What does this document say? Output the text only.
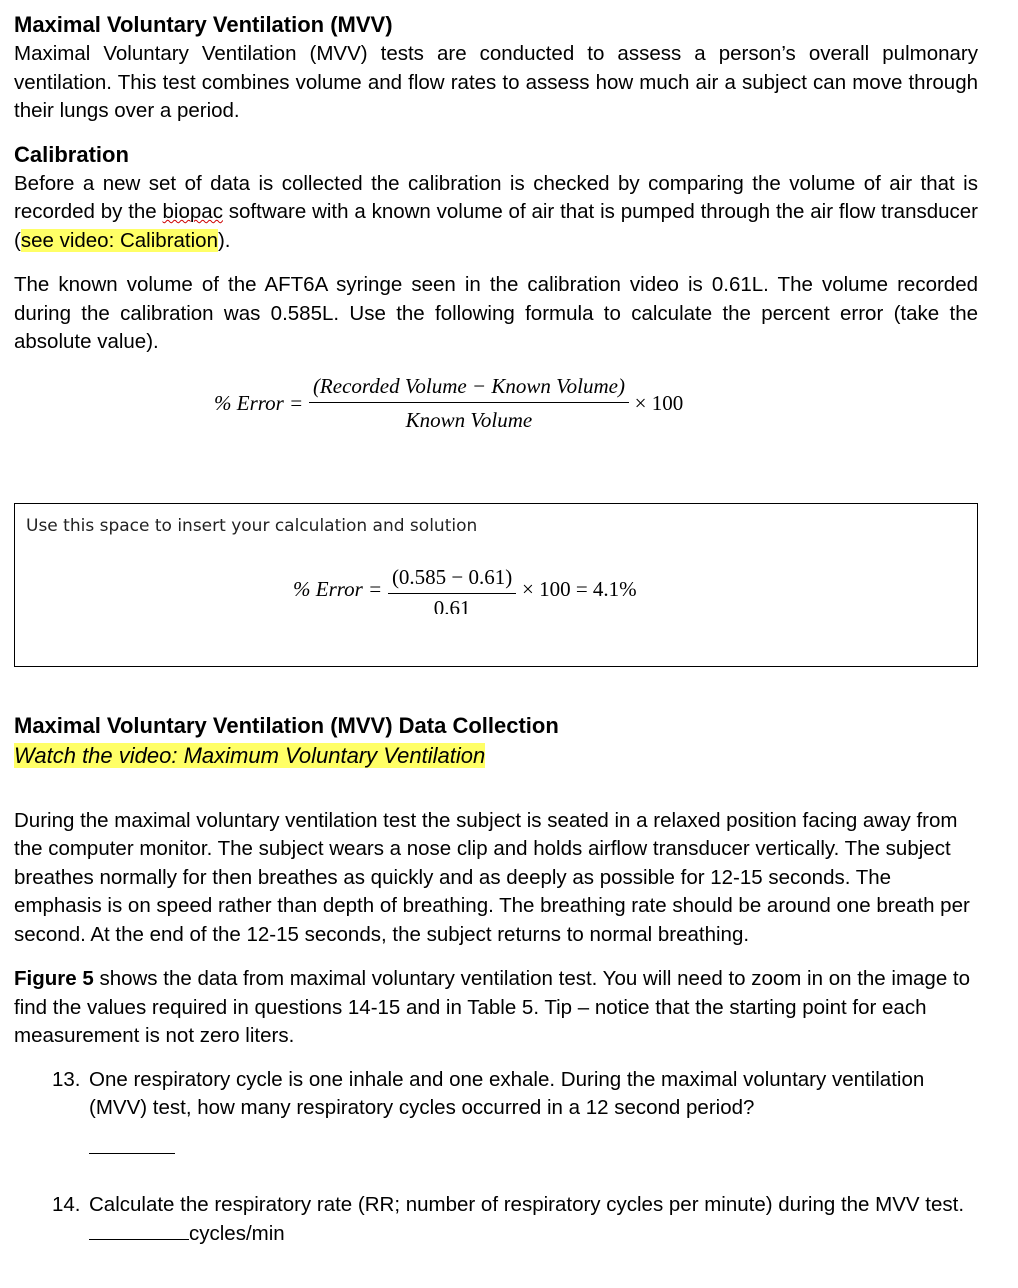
Maximal Voluntary Ventilation (MVV)

Maximal Voluntary Ventilation (MVV) tests are conducted to assess a person’s overall pulmonary ventilation. This test combines volume and flow rates to assess how much air a subject can move through their lungs over a period.

Calibration

Before a new set of data is collected the calibration is checked by comparing the volume of air that is recorded by the biopac software with a known volume of air that is pumped through the air flow transducer (see video: Calibration).

The known volume of the AFT6A syringe seen in the calibration video is 0.61L. The volume recorded during the calibration was 0.585L. Use the following formula to calculate the percent error (take the absolute value).

% Error = $\frac{\text{(Recorded Volume − Known Volume)}}{\text{Known Volume}} \times 100$
Use this space to insert your calculation and solution
% Error = $\frac{(0.585 - 0.61)}{0.61} \times 100 = 4.1\%$
Maximal Voluntary Ventilation (MVV) Data Collection

Watch the video: Maximum Voluntary Ventilation

During the maximal voluntary ventilation test the subject is seated in a relaxed position facing away from the computer monitor. The subject wears a nose clip and holds airflow transducer vertically. The subject breathes normally for then breathes as quickly and as deeply as possible for 12-15 seconds. The emphasis is on speed rather than depth of breathing. The breathing rate should be around one breath per second. At the end of the 12-15 seconds, the subject returns to normal breathing.

Figure 5 shows the data from maximal voluntary ventilation test. You will need to zoom in on the image to find the values required in questions 14-15 and in Table 5. Tip – notice that the starting point for each measurement is not zero liters.

13. One respiratory cycle is one inhale and one exhale. During the maximal voluntary ventilation (MVV) test, how many respiratory cycles occurred in a 12 second period?
14. Calculate the respiratory rate (RR; number of respiratory cycles per minute) during the MVV test. cycles/min
